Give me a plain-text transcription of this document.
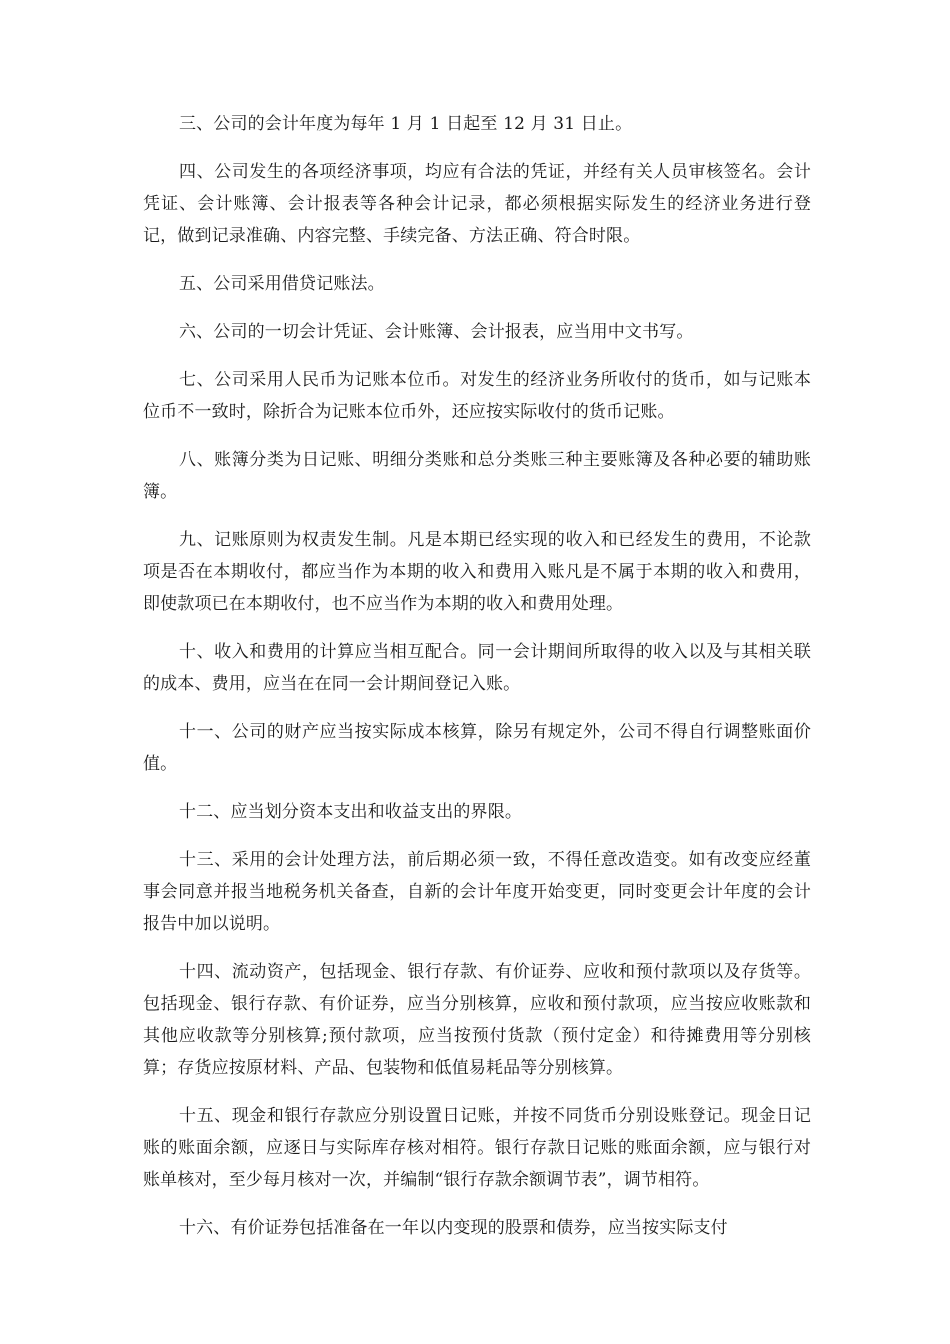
三、公司的会计年度为每年 1 月 1 日起至 12 月 31 日止。

四、公司发生的各项经济事项，均应有合法的凭证，并经有关人员审核签名。会计凭证、会计账簿、会计报表等各种会计记录，都必须根据实际发生的经济业务进行登记，做到记录准确、内容完整、手续完备、方法正确、符合时限。

五、公司采用借贷记账法。

六、公司的一切会计凭证、会计账簿、会计报表，应当用中文书写。

七、公司采用人民币为记账本位币。对发生的经济业务所收付的货币，如与记账本位币不一致时，除折合为记账本位币外，还应按实际收付的货币记账。

八、账簿分类为日记账、明细分类账和总分类账三种主要账簿及各种必要的辅助账簿。

九、记账原则为权责发生制。凡是本期已经实现的收入和已经发生的费用，不论款项是否在本期收付，都应当作为本期的收入和费用入账凡是不属于本期的收入和费用，即使款项已在本期收付，也不应当作为本期的收入和费用处理。

十、收入和费用的计算应当相互配合。同一会计期间所取得的收入以及与其相关联的成本、费用，应当在在同一会计期间登记入账。

十一、公司的财产应当按实际成本核算，除另有规定外，公司不得自行调整账面价值。

十二、应当划分资本支出和收益支出的界限。

十三、采用的会计处理方法，前后期必须一致，不得任意改造变。如有改变应经董事会同意并报当地税务机关备查，自新的会计年度开始变更，同时变更会计年度的会计报告中加以说明。

十四、流动资产，包括现金、银行存款、有价证券、应收和预付款项以及存货等。包括现金、银行存款、有价证券，应当分别核算，应收和预付款项，应当按应收账款和其他应收款等分别核算;预付款项，应当按预付货款（预付定金）和待摊费用等分别核算；存货应按原材料、产品、包装物和低值易耗品等分别核算。

十五、现金和银行存款应分别设置日记账，并按不同货币分别设账登记。现金日记账的账面余额，应逐日与实际库存核对相符。银行存款日记账的账面余额，应与银行对账单核对，至少每月核对一次，并编制“银行存款余额调节表”，调节相符。

十六、有价证券包括准备在一年以内变现的股票和债券，应当按实际支付
